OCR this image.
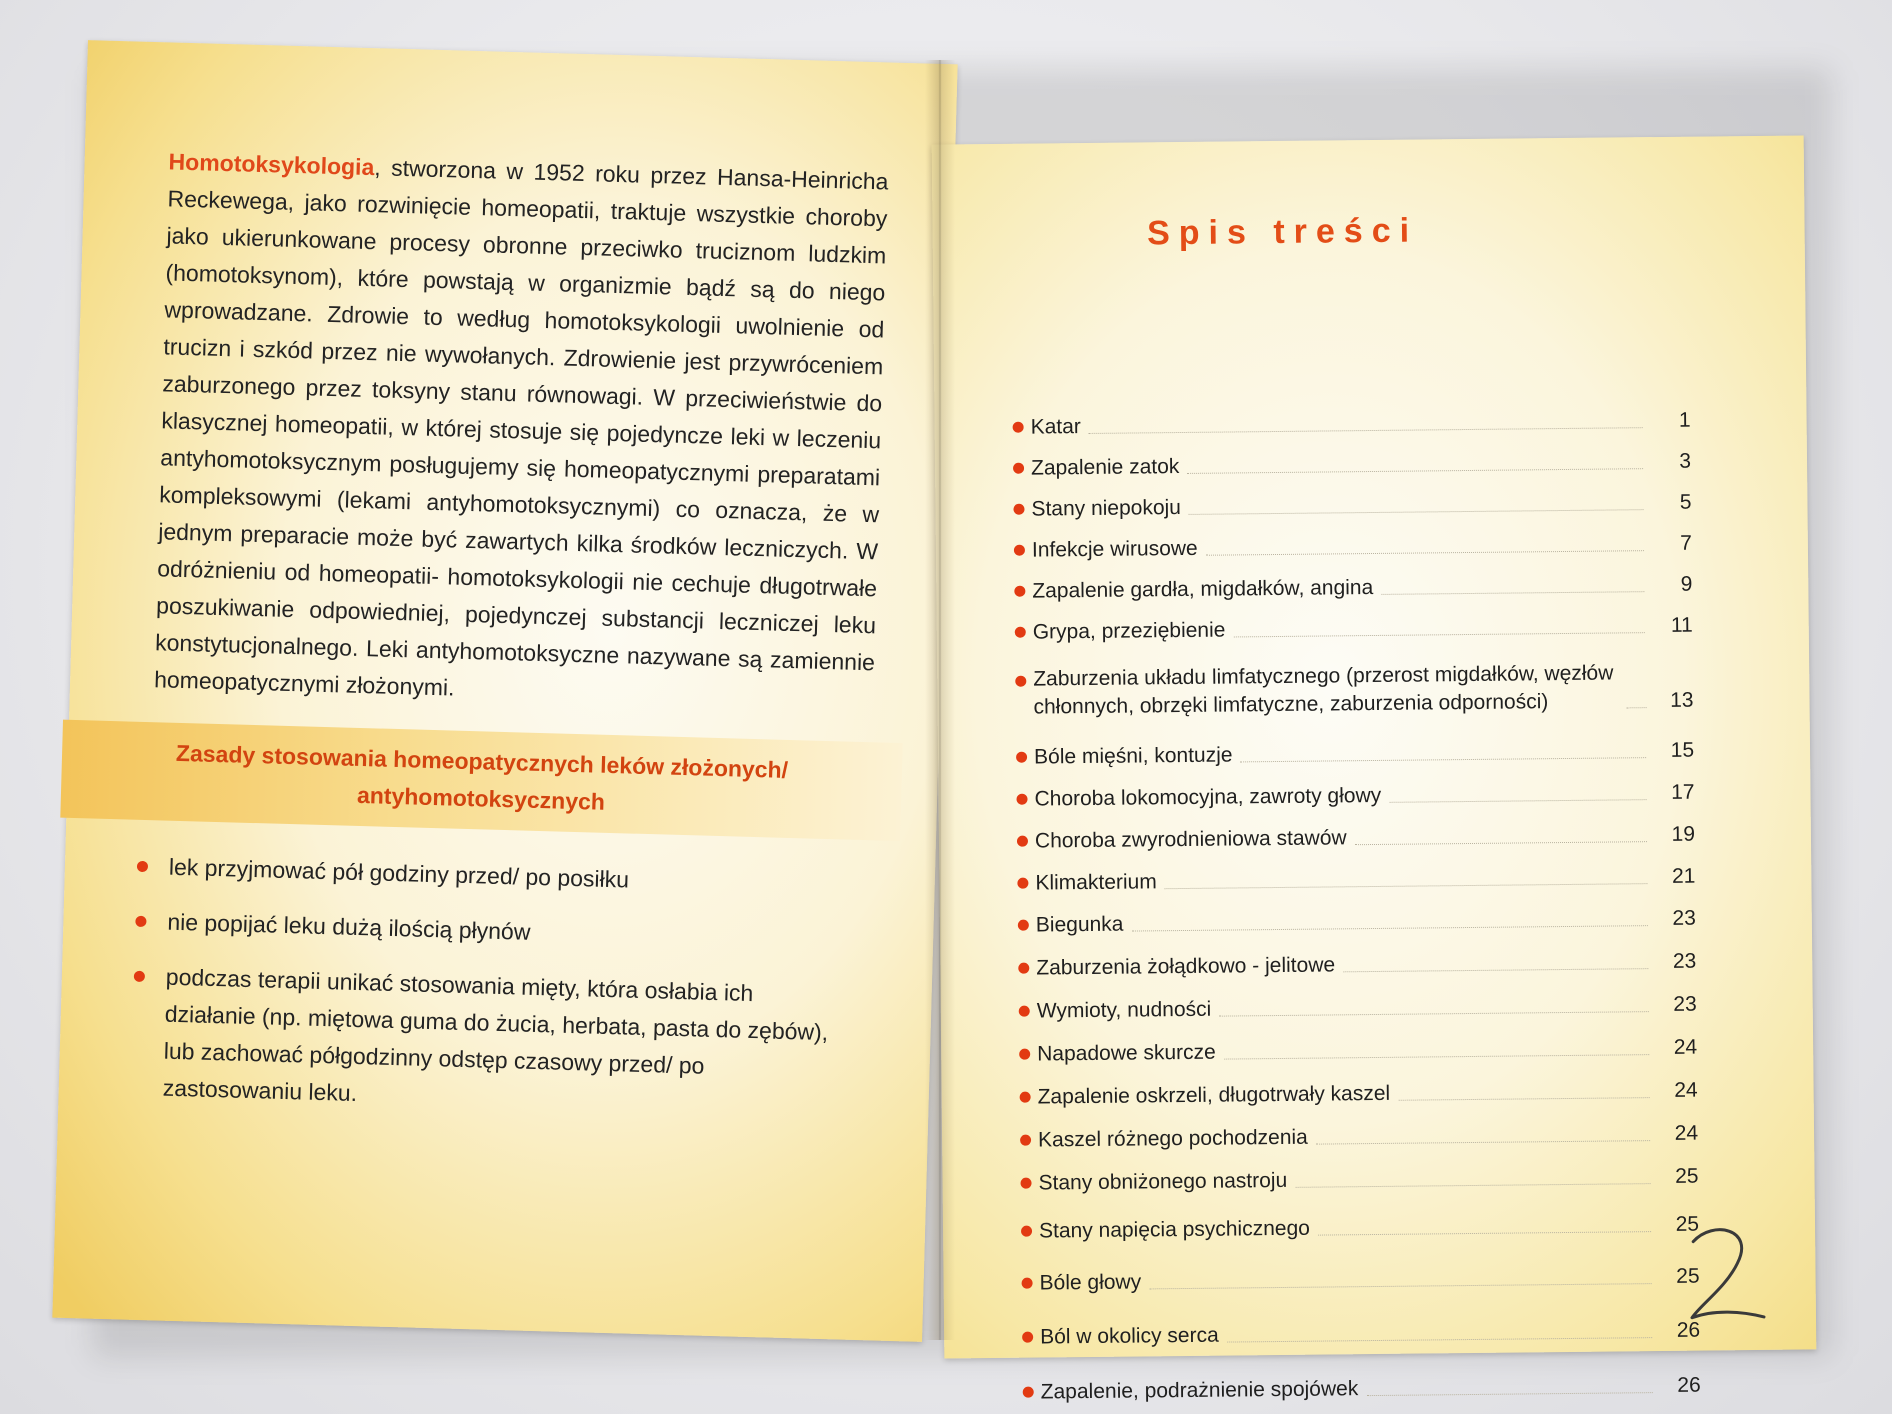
Homotoksykologia, stworzona w 1952 roku przez Hansa-Heinricha Reckewega, jako rozwinięcie homeopatii, traktuje wszystkie choroby jako ukierunkowane procesy obronne przeciwko truciznom ludzkim (homotoksynom), które powstają w organizmie bądź są do niego wprowadzane. Zdrowie to według homotoksykologii uwolnienie od trucizn i szkód przez nie wywołanych. Zdrowienie jest przywróceniem zaburzonego przez toksyny stanu równowagi. W przeciwieństwie do klasycznej homeopatii, w której stosuje się pojedyncze leki w leczeniu antyhomotoksycznym posługujemy się homeopatycznymi preparatami kompleksowymi (lekami antyhomotoksycznymi) co oznacza, że w jednym preparacie może być zawartych kilka środków leczniczych. W odróżnieniu od homeopatii- homotoksykologii nie cechuje długotrwałe poszukiwanie odpowiedniej, pojedynczej substancji leczniczej leku konstytucjonalnego. Leki antyhomotoksyczne nazywane są zamiennie homeopatycznymi złożonymi.

Zasady stosowania homeopatycznych leków złożonych/
antyhomotoksycznych
lek przyjmować pół godziny przed/ po posiłku
nie popijać leku dużą ilością płynów
podczas terapii unikać stosowania mięty, która osłabia ich działanie (np. miętowa guma do żucia, herbata, pasta do zębów), lub zachować półgodzinny odstęp czasowy przed/ po zastosowaniu leku.
Spis treści
Katar	1
Zapalenie zatok	3
Stany niepokoju	5
Infekcje wirusowe	7
Zapalenie gardła, migdałków, angina	9
Grypa, przeziębienie	11
Zaburzenia układu limfatycznego (przerost migdałków, węzłów chłonnych, obrzęki limfatyczne, zaburzenia odporności)	13
Bóle mięśni, kontuzje	15
Choroba lokomocyjna, zawroty głowy	17
Choroba zwyrodnieniowa stawów	19
Klimakterium	21
Biegunka	23
Zaburzenia żołądkowo - jelitowe	23
Wymioty, nudności	23
Napadowe skurcze	24
Zapalenie oskrzeli, długotrwały kaszel	24
Kaszel różnego pochodzenia	24
Stany obniżonego nastroju	25
Stany napięcia psychicznego	25
Bóle głowy	25
Ból w okolicy serca	26
Zapalenie, podrażnienie spojówek	26
